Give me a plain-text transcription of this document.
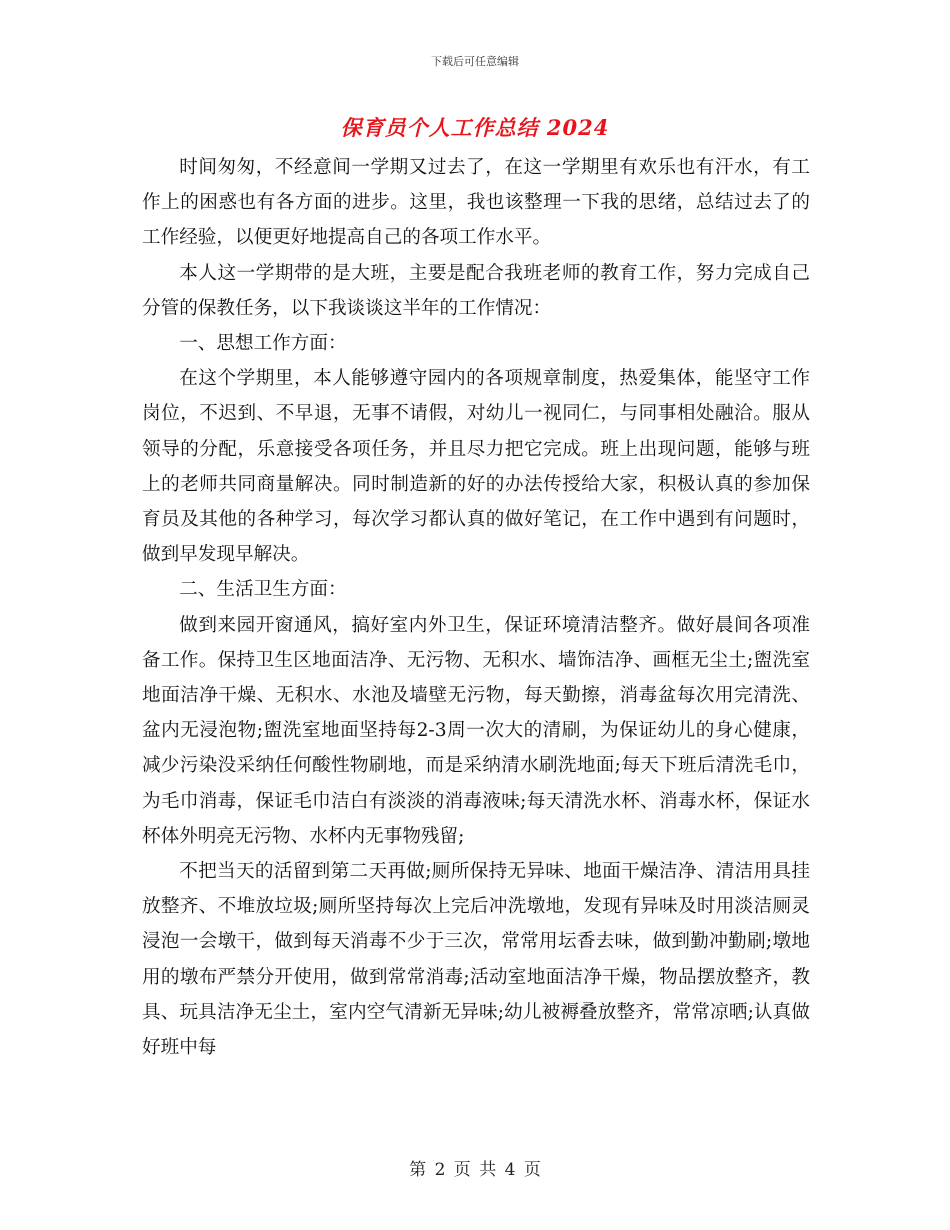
下载后可任意编辑
保育员个人工作总结 2024

时间匆匆，不经意间一学期又过去了，在这一学期里有欢乐也有汗水，有工作上的困惑也有各方面的进步。这里，我也该整理一下我的思绪，总结过去了的工作经验，以便更好地提高自己的各项工作水平。

本人这一学期带的是大班，主要是配合我班老师的教育工作，努力完成自己分管的保教任务，以下我谈谈这半年的工作情况：

一、思想工作方面：

在这个学期里，本人能够遵守园内的各项规章制度，热爱集体，能坚守工作岗位，不迟到、不早退，无事不请假，对幼儿一视同仁，与同事相处融洽。服从领导的分配，乐意接受各项任务，并且尽力把它完成。班上出现问题，能够与班上的老师共同商量解决。同时制造新的好的办法传授给大家，积极认真的参加保育员及其他的各种学习，每次学习都认真的做好笔记，在工作中遇到有问题时，做到早发现早解决。

二、生活卫生方面：

做到来园开窗通风，搞好室内外卫生，保证环境清洁整齐。做好晨间各项准备工作。保持卫生区地面洁净、无污物、无积水、墙饰洁净、画框无尘土;盥洗室地面洁净干燥、无积水、水池及墙壁无污物，每天勤擦，消毒盆每次用完清洗、盆内无浸泡物;盥洗室地面坚持每2-3周一次大的清刷，为保证幼儿的身心健康，减少污染没采纳任何酸性物刷地，而是采纳清水刷洗地面;每天下班后清洗毛巾，为毛巾消毒，保证毛巾洁白有淡淡的消毒液味;每天清洗水杯、消毒水杯，保证水杯体外明亮无污物、水杯内无事物残留;

不把当天的活留到第二天再做;厕所保持无异味、地面干燥洁净、清洁用具挂放整齐、不堆放垃圾;厕所坚持每次上完后冲洗墩地，发现有异味及时用淡洁厕灵浸泡一会墩干，做到每天消毒不少于三次，常常用坛香去味，做到勤冲勤刷;墩地用的墩布严禁分开使用，做到常常消毒;活动室地面洁净干燥，物品摆放整齐，教具、玩具洁净无尘土，室内空气清新无异味;幼儿被褥叠放整齐，常常凉晒;认真做好班中每

第 2 页 共 4 页
